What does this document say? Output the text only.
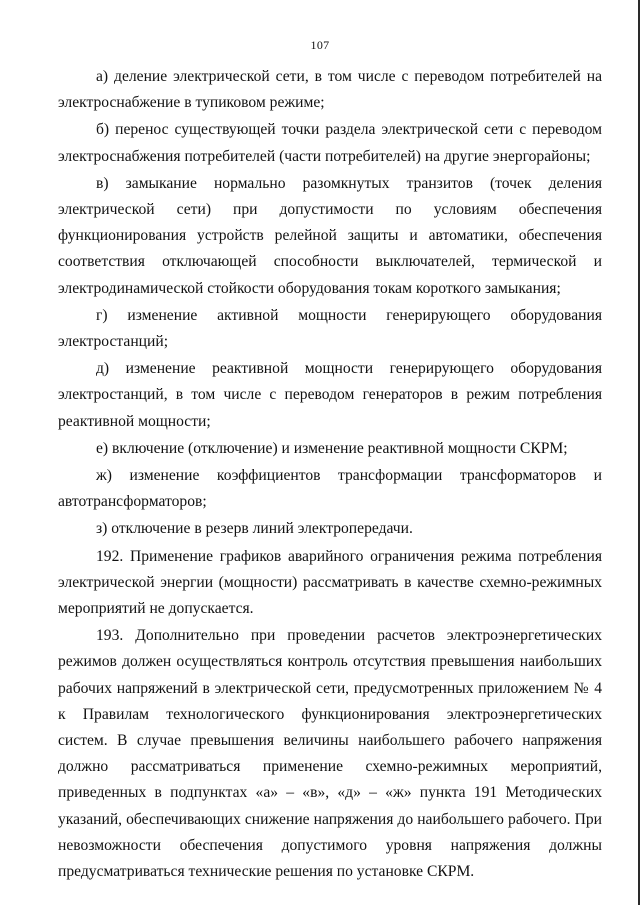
107

а) деление электрической сети, в том числе с переводом потребителей на электроснабжение в тупиковом режиме;

б) перенос существующей точки раздела электрической сети с переводом электроснабжения потребителей (части потребителей) на другие энергорайоны;

в) замыкание нормально разомкнутых транзитов (точек деления электрической сети) при допустимости по условиям обеспечения функционирования устройств релейной защиты и автоматики, обеспечения соответствия отключающей способности выключателей, термической и электродинамической стойкости оборудования токам короткого замыкания;

г) изменение активной мощности генерирующего оборудования электростанций;

д) изменение реактивной мощности генерирующего оборудования электростанций, в том числе с переводом генераторов в режим потребления реактивной мощности;

е) включение (отключение) и изменение реактивной мощности СКРМ;

ж) изменение коэффициентов трансформации трансформаторов и автотрансформаторов;

з) отключение в резерв линий электропередачи.

192. Применение графиков аварийного ограничения режима потребления электрической энергии (мощности) рассматривать в качестве схемно-режимных мероприятий не допускается.

193. Дополнительно при проведении расчетов электроэнергетических режимов должен осуществляться контроль отсутствия превышения наибольших рабочих напряжений в электрической сети, предусмотренных приложением № 4 к Правилам технологического функционирования электроэнергетических систем. В случае превышения величины наибольшего рабочего напряжения должно рассматриваться применение схемно-режимных мероприятий, приведенных в подпунктах «а» – «в», «д» – «ж» пункта 191 Методических указаний, обеспечивающих снижение напряжения до наибольшего рабочего. При невозможности обеспечения допустимого уровня напряжения должны предусматриваться технические решения по установке СКРМ.
